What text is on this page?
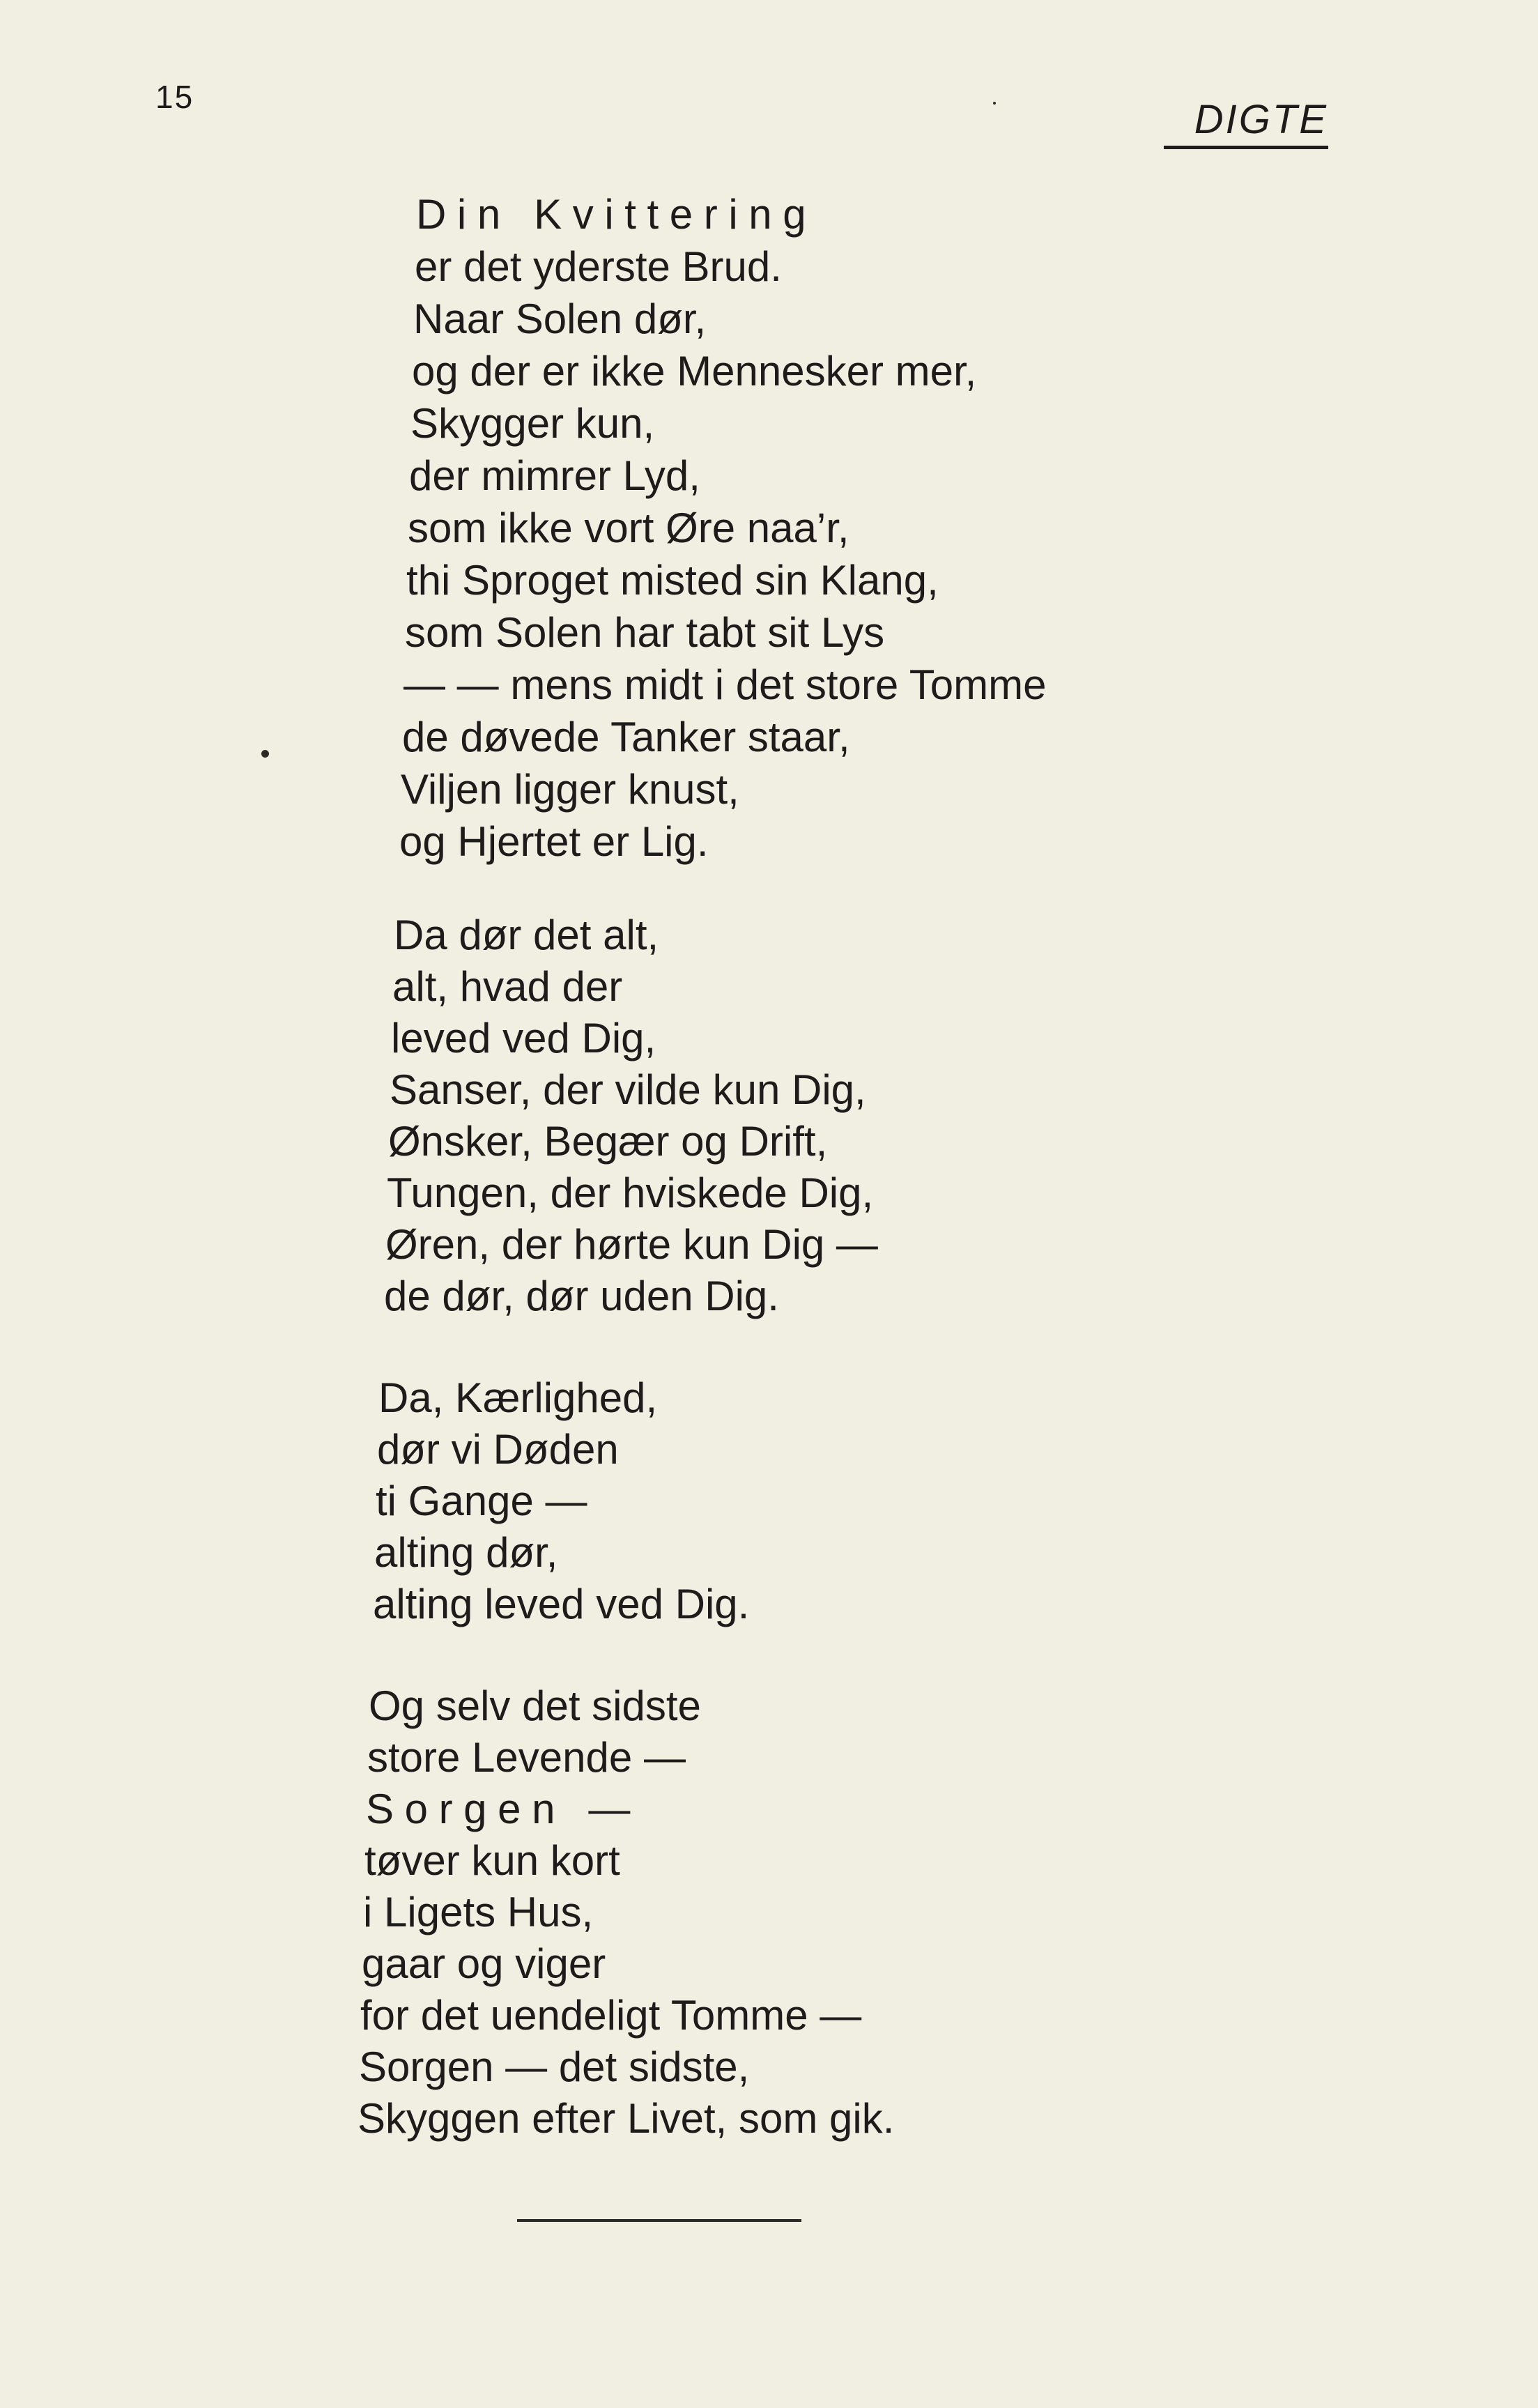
15	DIGTE
Din Kvittering
er det yderste Brud.
Naar Solen dør,
og der er ikke Mennesker mer,
Skygger kun,
der mimrer Lyd,
som ikke vort Øre naa’r,
thi Sproget misted sin Klang,
som Solen har tabt sit Lys
— — mens midt i det store Tomme
de døvede Tanker staar,
Viljen ligger knust,
og Hjertet er Lig.
Da dør det alt,
alt, hvad der
leved ved Dig,
Sanser, der vilde kun Dig,
Ønsker, Begær og Drift,
Tungen, der hviskede Dig,
Øren, der hørte kun Dig —
de dør, dør uden Dig.
Da, Kærlighed,
dør vi Døden
ti Gange —
alting dør,
alting leved ved Dig.
Og selv det sidste
store Levende —
Sorgen —
tøver kun kort
i Ligets Hus,
gaar og viger
for det uendeligt Tomme —
Sorgen — det sidste,
Skyggen efter Livet, som gik.
